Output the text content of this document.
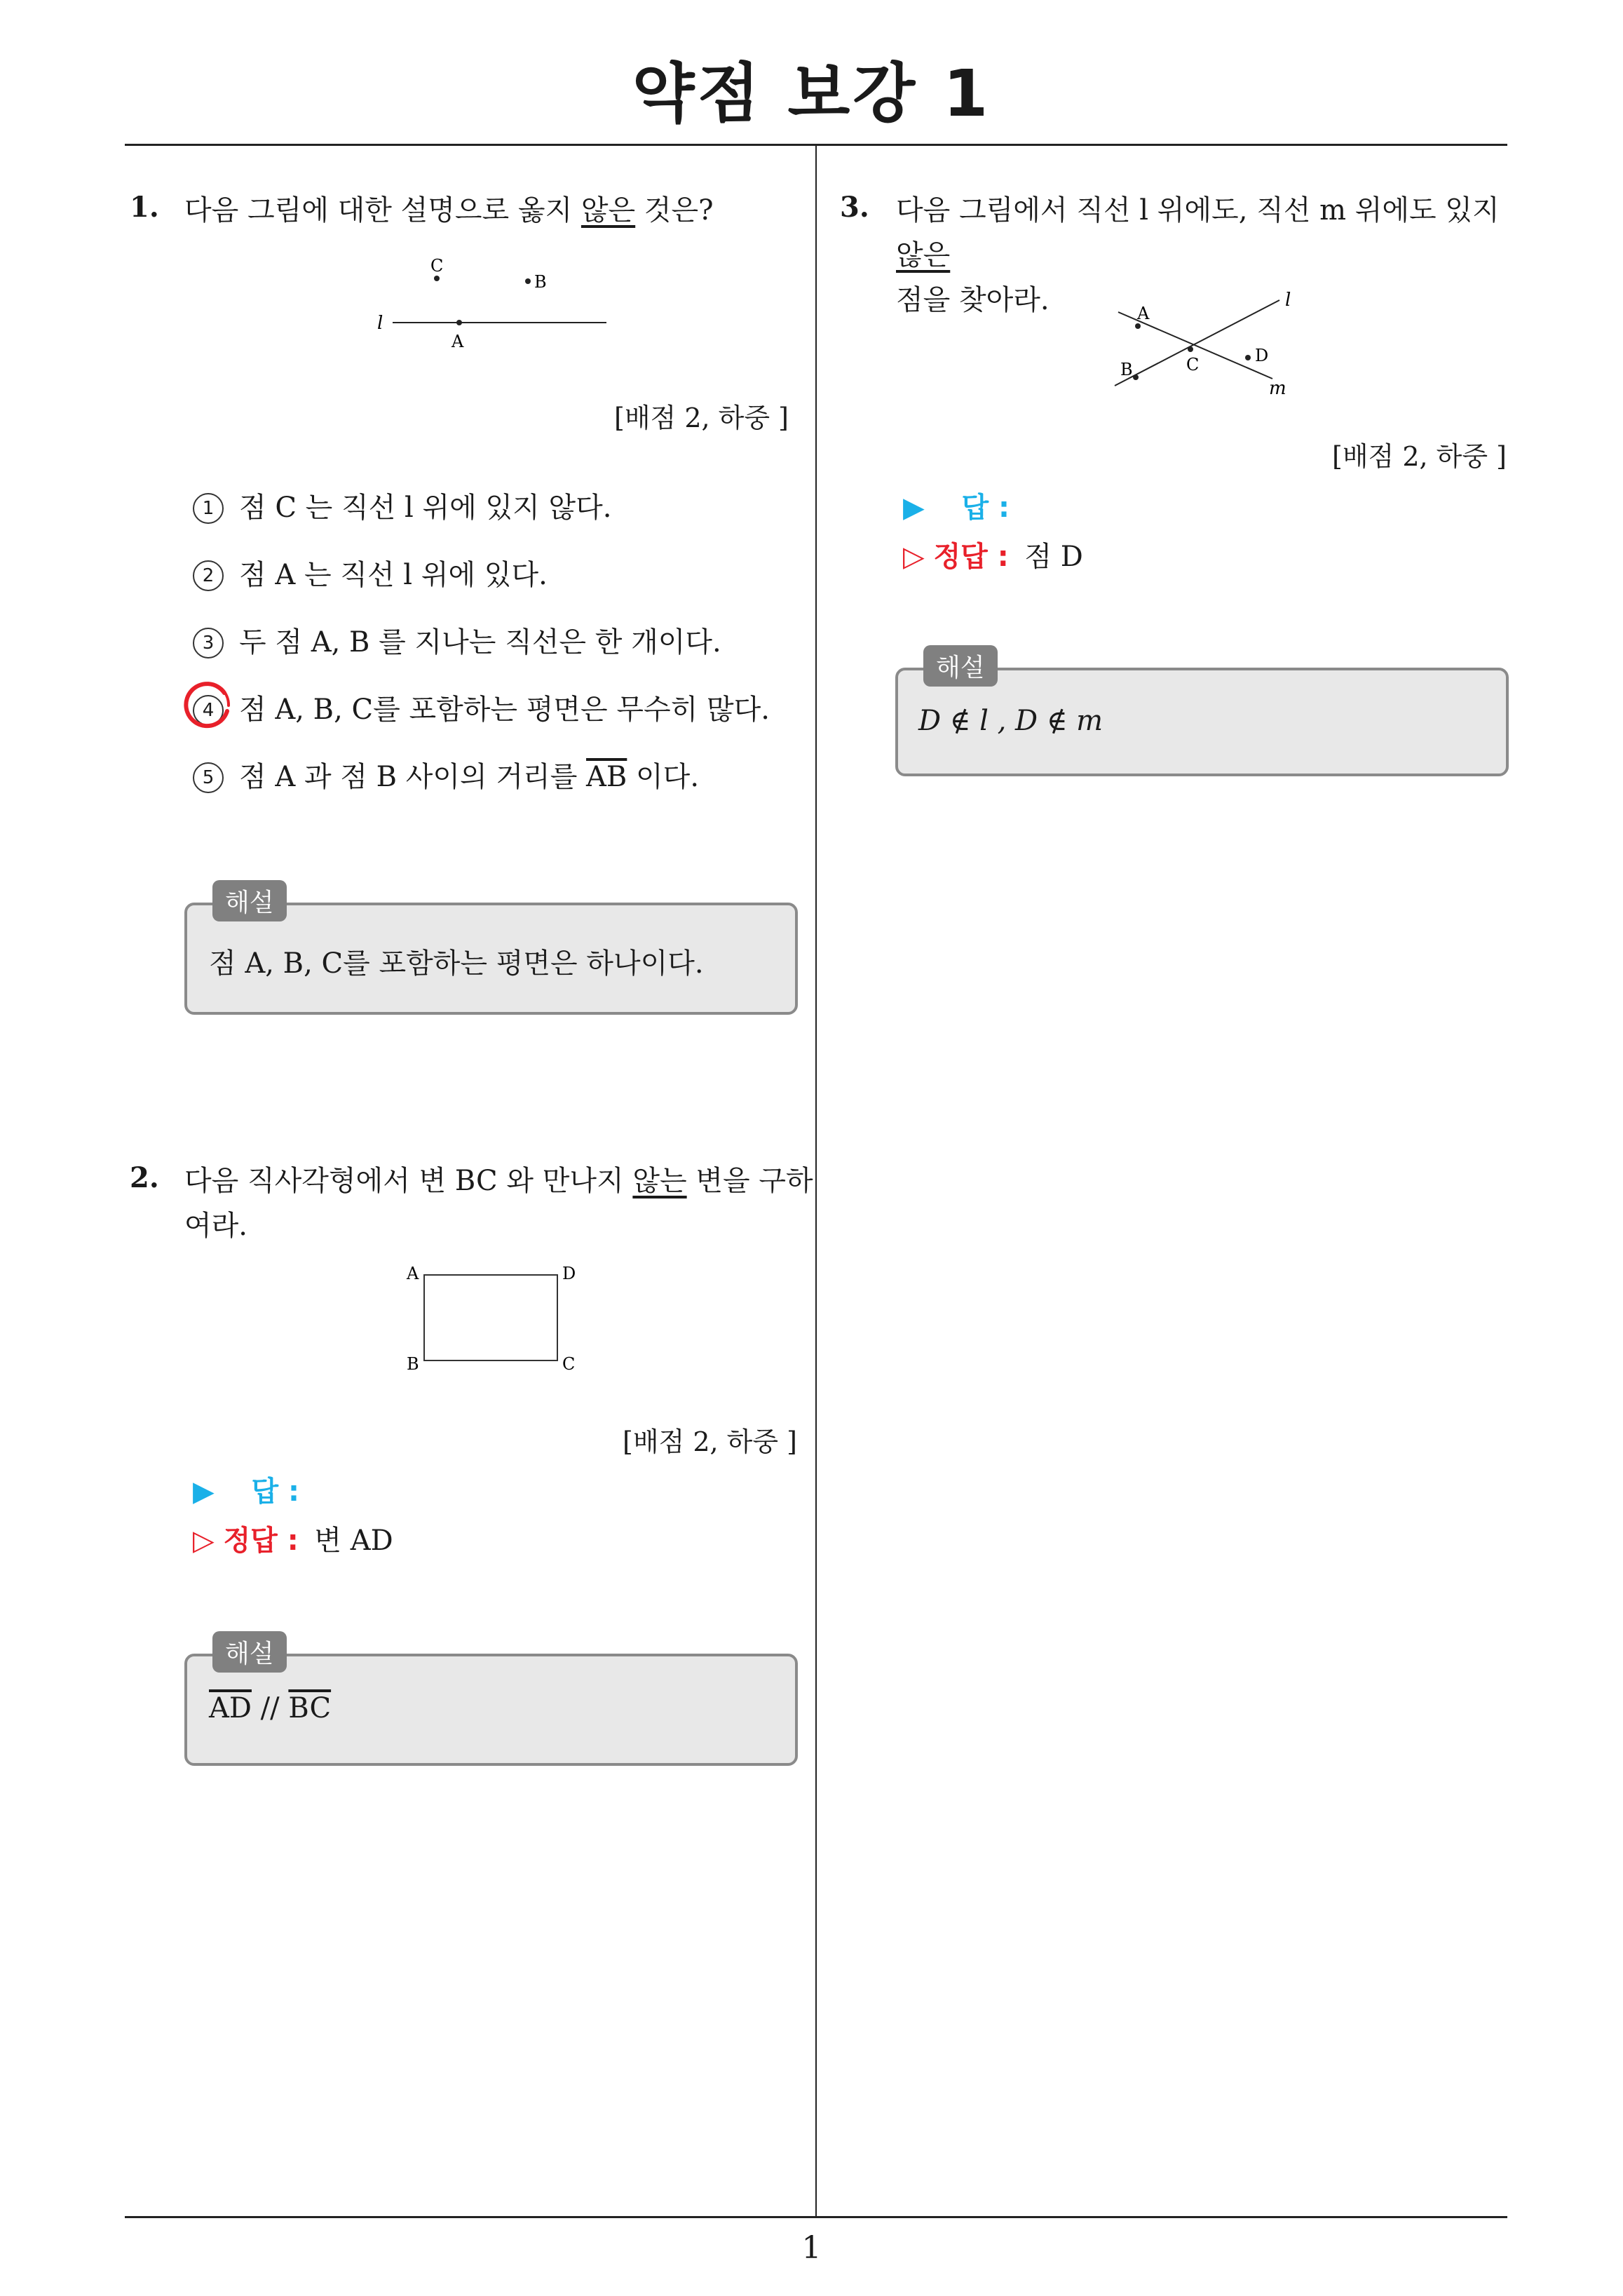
약점 보강 1
1
1. 다음 그림에 대한 설명으로 옳지 않은 것은?
l
A
B
C
[배점 2, 하중 ]
1 점 C 는 직선 l 위에 있지 않다.
2 점 A 는 직선 l 위에 있다.
3 두 점 A, B 를 지나는 직선은 한 개이다.
4 점 A, B, C를 포함하는 평면은 무수히 많다.
5 점 A 과 점 B 사이의 거리를 $\overline{AB}$ 이다.
해설
점 A, B, C를 포함하는 평면은 하나이다.
2. 다음 직사각형에서 변 BC 와 만나지 않는 변을 구하
여라.
A	D
B	C
[배점 2, 하중 ]
▶ 답 :
▷ 정답 : 변 AD
해설
$\overline{AD} // \overline{BC}$
3. 다음 그림에서 직선 l 위에도, 직선 m 위에도 있지 않은
점을 찾아라.	A
B	C	D
l
m
[배점 2, 하중 ]
▶ 답 :
▷ 정답 : 점 D
해설
D ∉ l , D ∉ m
